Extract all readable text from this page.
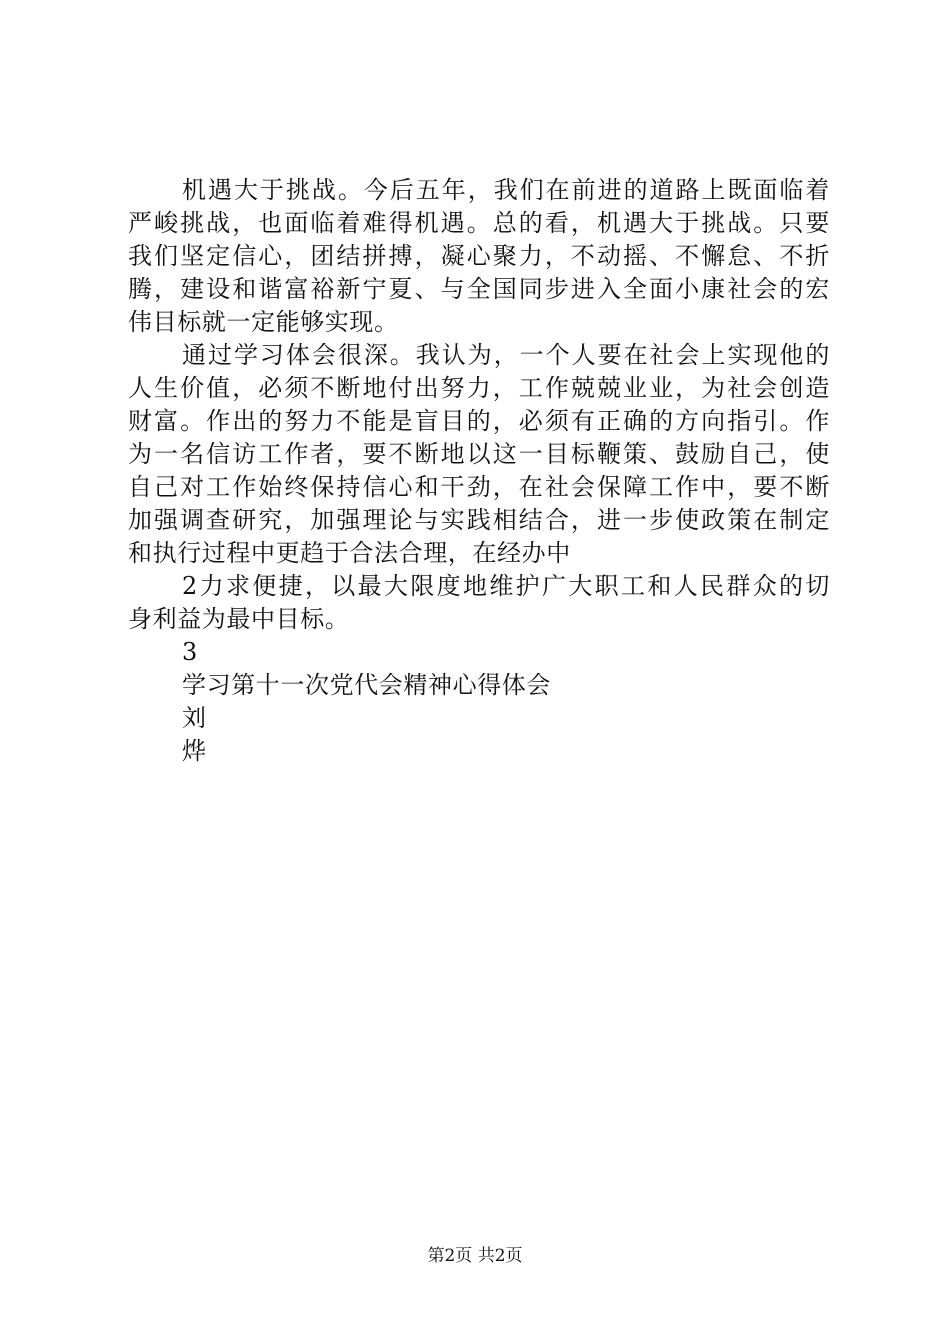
机遇大于挑战。今后五年，我们在前进的道路上既面临着
严峻挑战，也面临着难得机遇。总的看，机遇大于挑战。只要
我们坚定信心，团结拼搏，凝心聚力，不动摇、不懈怠、不折
腾，建设和谐富裕新宁夏、与全国同步进入全面小康社会的宏
伟目标就一定能够实现。
通过学习体会很深。我认为，一个人要在社会上实现他的
人生价值，必须不断地付出努力，工作兢兢业业，为社会创造
财富。作出的努力不能是盲目的，必须有正确的方向指引。作
为一名信访工作者，要不断地以这一目标鞭策、鼓励自己，使
自己对工作始终保持信心和干劲，在社会保障工作中，要不断
加强调查研究，加强理论与实践相结合，进一步使政策在制定
和执行过程中更趋于合法合理，在经办中
2力求便捷，以最大限度地维护广大职工和人民群众的切
身利益为最中目标。
3
学习第十一次党代会精神心得体会
刘
烨
第2页 共2页
